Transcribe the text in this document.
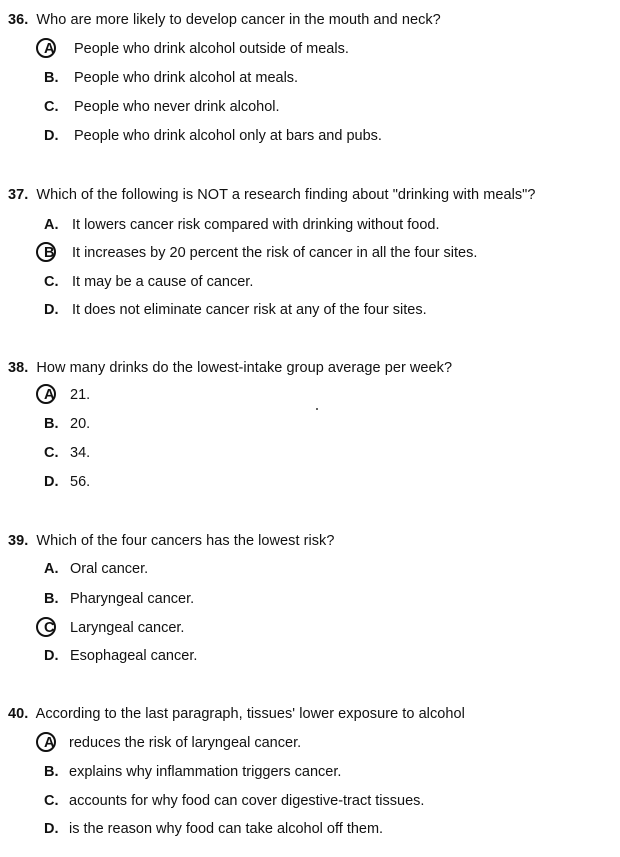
36. Who are more likely to develop cancer in the mouth and neck?
A	People who drink alcohol outside of meals.
B.	People who drink alcohol at meals.
C.	People who never drink alcohol.
D.	People who drink alcohol only at bars and pubs.
37. Which of the following is NOT a research finding about "drinking with meals"?
A. It lowers cancer risk compared with drinking without food.
B	It increases by 20 percent the risk of cancer in all the four sites.
C. It may be a cause of cancer.
D. It does not eliminate cancer risk at any of the four sites.
38. How many drinks do the lowest-intake group average per week?
A	21.
B. 20.
C. 34.
D. 56.
39. Which of the four cancers has the lowest risk?
A. Oral cancer.
B. Pharyngeal cancer.
C	Laryngeal cancer.
D. Esophageal cancer.
40. According to the last paragraph, tissues' lower exposure to alcohol
A	reduces the risk of laryngeal cancer.
B. explains why inflammation triggers cancer.
C. accounts for why food can cover digestive-tract tissues.
D. is the reason why food can take alcohol off them.
